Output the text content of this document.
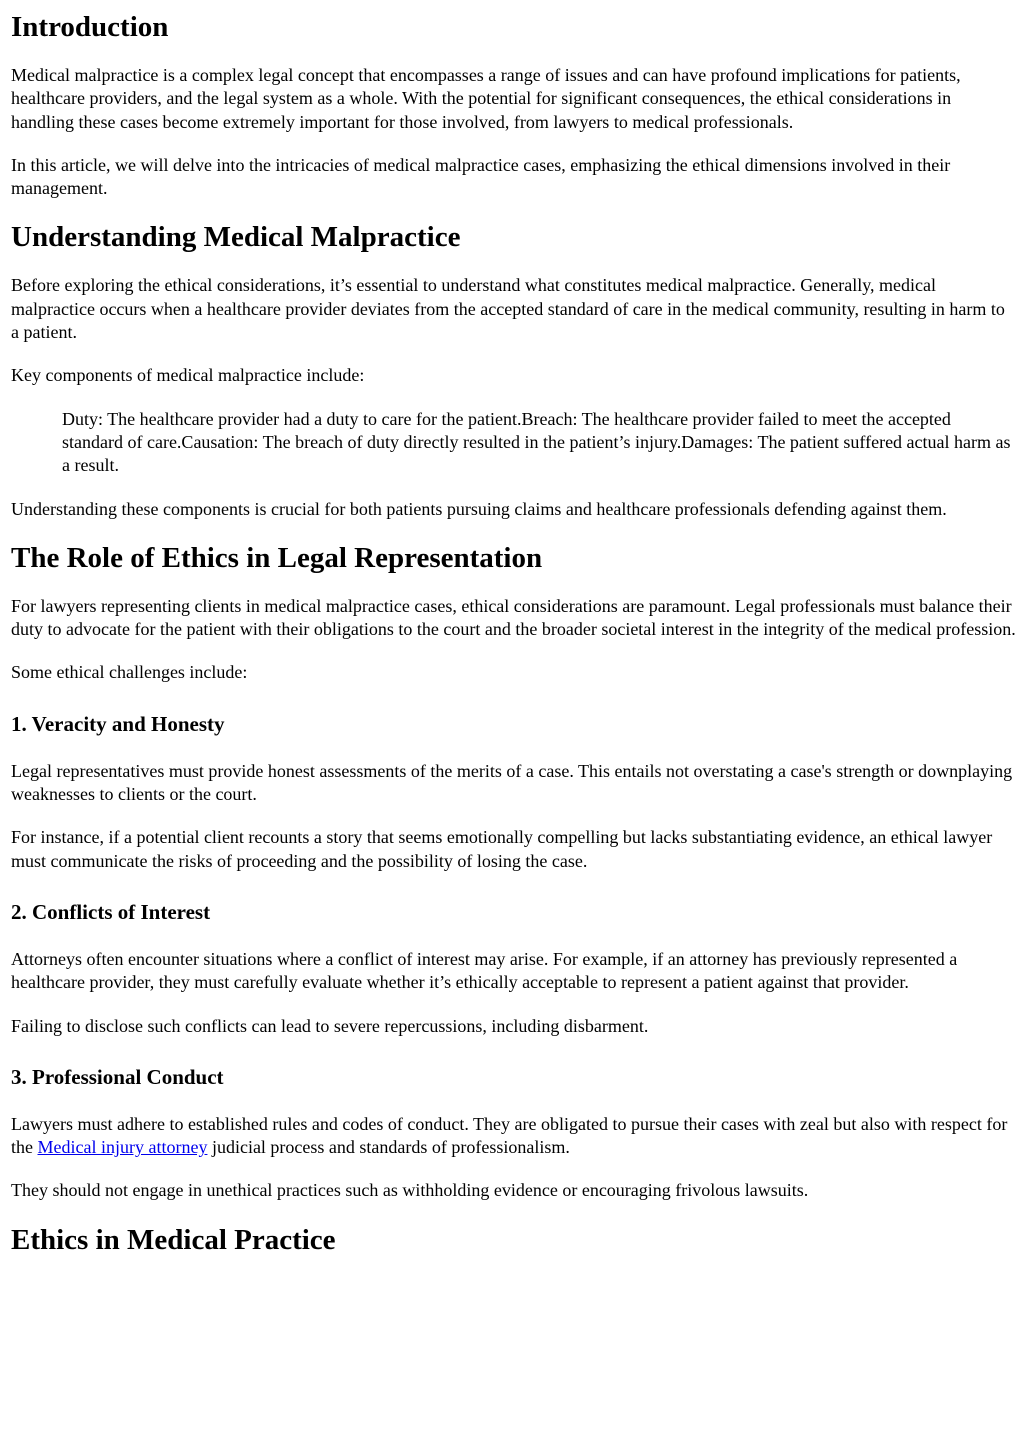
Introduction

Medical malpractice is a complex legal concept that encompasses a range of issues and can have profound implications for patients, healthcare providers, and the legal system as a whole. With the potential for significant consequences, the ethical considerations in handling these cases become extremely important for those involved, from lawyers to medical professionals.

In this article, we will delve into the intricacies of medical malpractice cases, emphasizing the ethical dimensions involved in their management.

Understanding Medical Malpractice

Before exploring the ethical considerations, it’s essential to understand what constitutes medical malpractice. Generally, medical malpractice occurs when a healthcare provider deviates from the accepted standard of care in the medical community, resulting in harm to a patient.

Key components of medical malpractice include:

Duty: The healthcare provider had a duty to care for the patient.Breach: The healthcare provider failed to meet the accepted standard of care.Causation: The breach of duty directly resulted in the patient’s injury.Damages: The patient suffered actual harm as a result.

Understanding these components is crucial for both patients pursuing claims and healthcare professionals defending against them.

The Role of Ethics in Legal Representation

For lawyers representing clients in medical malpractice cases, ethical considerations are paramount. Legal professionals must balance their duty to advocate for the patient with their obligations to the court and the broader societal interest in the integrity of the medical profession.

Some ethical challenges include:

1. Veracity and Honesty

Legal representatives must provide honest assessments of the merits of a case. This entails not overstating a case's strength or downplaying weaknesses to clients or the court.

For instance, if a potential client recounts a story that seems emotionally compelling but lacks substantiating evidence, an ethical lawyer must communicate the risks of proceeding and the possibility of losing the case.

2. Conflicts of Interest

Attorneys often encounter situations where a conflict of interest may arise. For example, if an attorney has previously represented a healthcare provider, they must carefully evaluate whether it’s ethically acceptable to represent a patient against that provider.

Failing to disclose such conflicts can lead to severe repercussions, including disbarment.

3. Professional Conduct

Lawyers must adhere to established rules and codes of conduct. They are obligated to pursue their cases with zeal but also with respect for the Medical injury attorney judicial process and standards of professionalism.

They should not engage in unethical practices such as withholding evidence or encouraging frivolous lawsuits.

Ethics in Medical Practice
